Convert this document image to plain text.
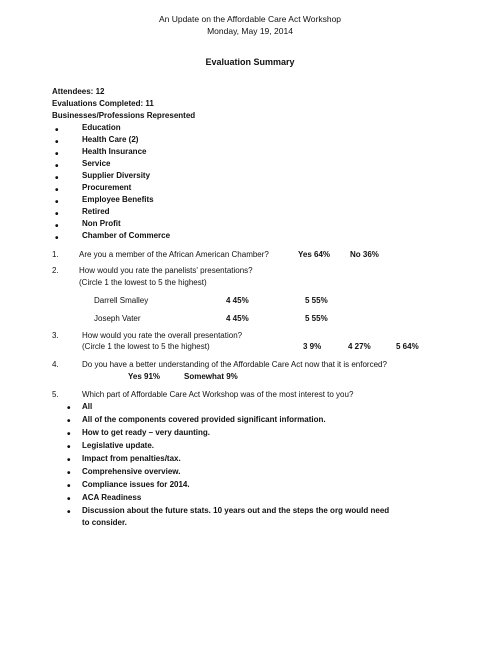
An Update on the Affordable Care Act Workshop
Monday, May 19, 2014
Evaluation Summary
Attendees: 12
Evaluations Completed: 11
Businesses/Professions Represented
•	Education
•	Health Care (2)
•	Health Insurance
•	Service
•	Supplier Diversity
•	Procurement
•	Employee Benefits
•	Retired
•	Non Profit
•	Chamber of Commerce
1.	Are you a member of the African American Chamber?	Yes 64% No 36%
2.	How would you rate the panelists' presentations?
(Circle 1 the lowest to 5 the highest)
Darrell Smalley	4 45%	5 55%
Joseph Vater	4 45%	5 55%
3.	How would you rate the overall presentation?
(Circle 1 the lowest to 5 the highest)	3 9%	4 27%	5 64%
4.	Do you have a better understanding of the Affordable Care Act now that it is enforced?
Yes 91%	Somewhat 9%
5.	Which part of Affordable Care Act Workshop was of the most interest to you?
• All
• All of the components covered provided significant information.
• How to get ready – very daunting.
• Legislative update.
• Impact from penalties/tax.
• Comprehensive overview.
• Compliance issues for 2014.
• ACA Readiness
• Discussion about the future stats. 10 years out and the steps the org would need
to consider.
